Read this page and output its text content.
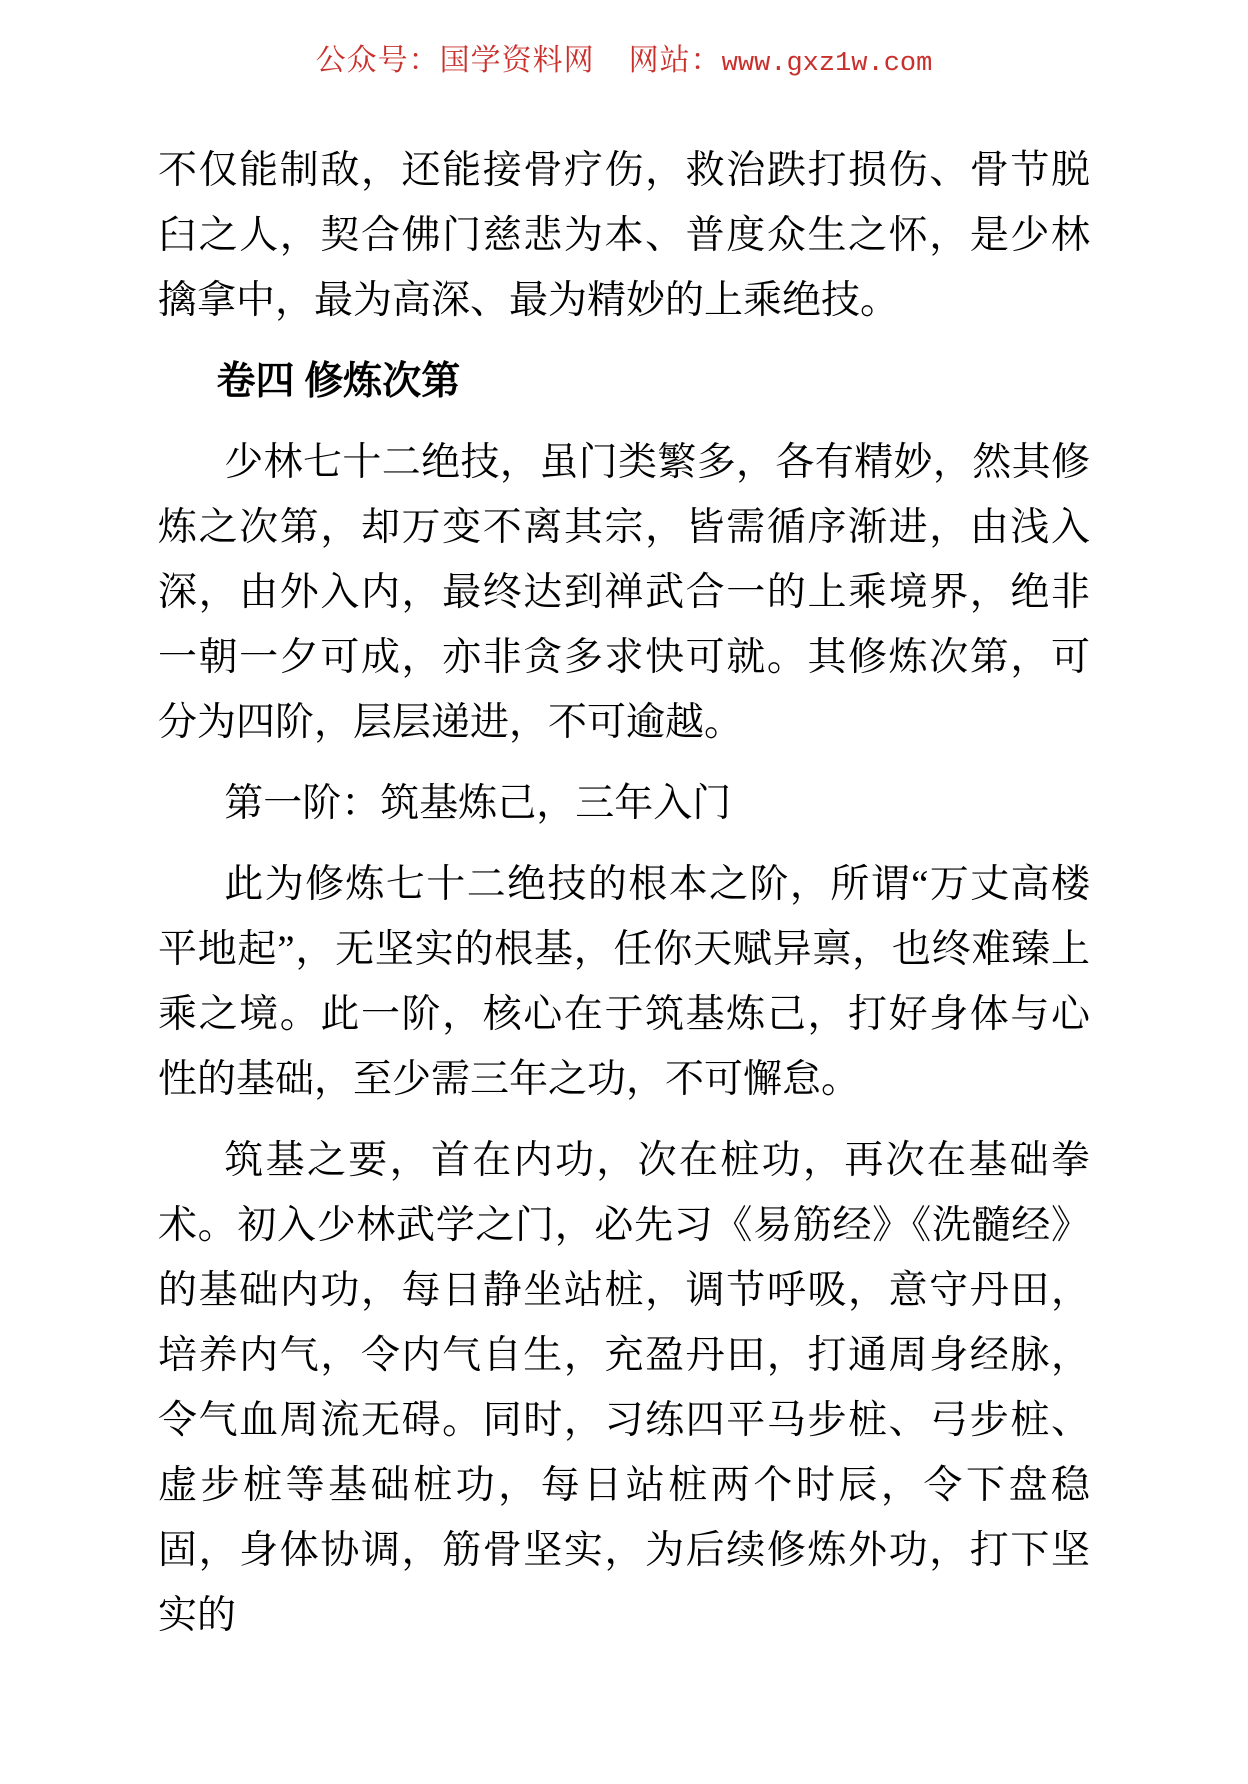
公众号：国学资料网 网站：www.gxz1w.com

不仅能制敌，还能接骨疗伤，救治跌打损伤、骨节脱臼之人，契合佛门慈悲为本、普度众生之怀，是少林擒拿中，最为高深、最为精妙的上乘绝技。

卷四 修炼次第

少林七十二绝技，虽门类繁多，各有精妙，然其修炼之次第，却万变不离其宗，皆需循序渐进，由浅入深，由外入内，最终达到禅武合一的上乘境界，绝非一朝一夕可成，亦非贪多求快可就。其修炼次第，可分为四阶，层层递进，不可逾越。

第一阶：筑基炼己，三年入门

此为修炼七十二绝技的根本之阶，所谓“万丈高楼平地起”，无坚实的根基，任你天赋异禀，也终难臻上乘之境。此一阶，核心在于筑基炼己，打好身体与心性的基础，至少需三年之功，不可懈怠。

筑基之要，首在内功，次在桩功，再次在基础拳术。初入少林武学之门，必先习《易筋经》《洗髓经》的基础内功，每日静坐站桩，调节呼吸，意守丹田，培养内气，令内气自生，充盈丹田，打通周身经脉，令气血周流无碍。同时，习练四平马步桩、弓步桩、虚步桩等基础桩功，每日站桩两个时辰，令下盘稳固，身体协调，筋骨坚实，为后续修炼外功，打下坚实的
